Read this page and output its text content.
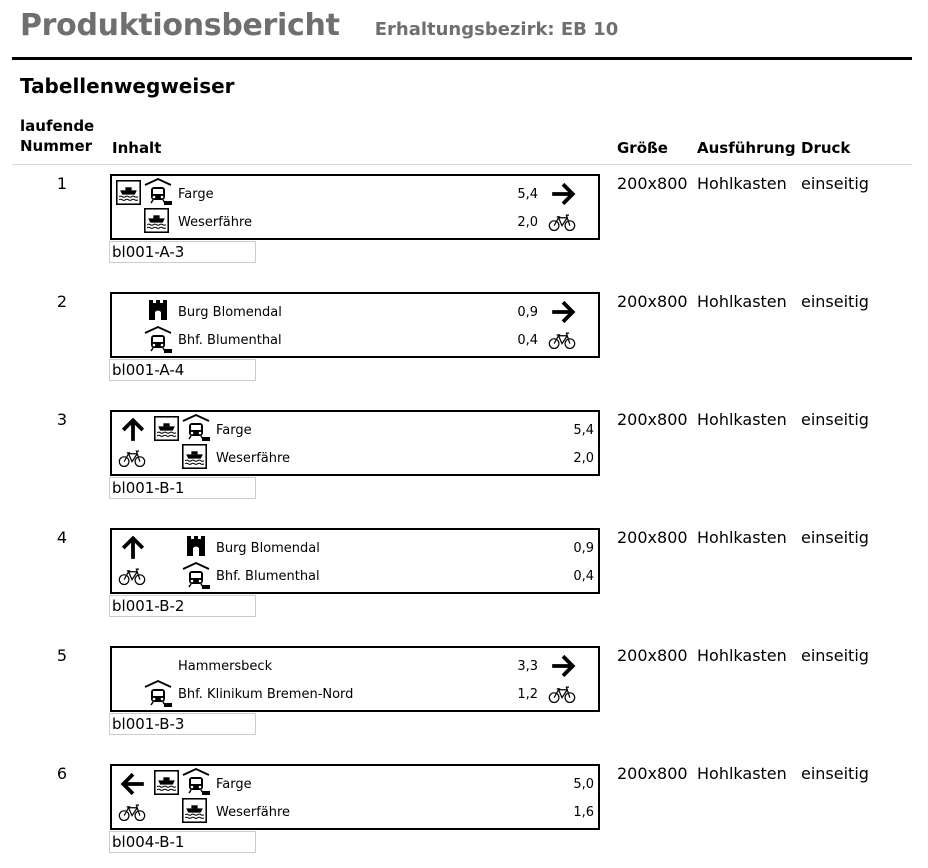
Produktionsbericht Erhaltungsbezirk: EB 10
Tabellenwegweiser
laufende
Nummer Inhalt	Größe Ausführung Druck
1
Farge
Weserfähre
5,4
2,0
bl001-A-3
200x800 Hohlkasten einseitig
2
Burg Blomendal
Bhf. Blumenthal
0,9
0,4
bl001-A-4
200x800 Hohlkasten einseitig
3
Farge
Weserfähre
5,4
2,0
bl001-B-1
200x800 Hohlkasten einseitig
4
Burg Blomendal
Bhf. Blumenthal
0,9
0,4
bl001-B-2
200x800 Hohlkasten einseitig
5
Hammersbeck
Bhf. Klinikum Bremen-Nord
3,3
1,2
bl001-B-3
200x800 Hohlkasten einseitig
6
Farge
Weserfähre
5,0
1,6
bl004-B-1
200x800 Hohlkasten einseitig
